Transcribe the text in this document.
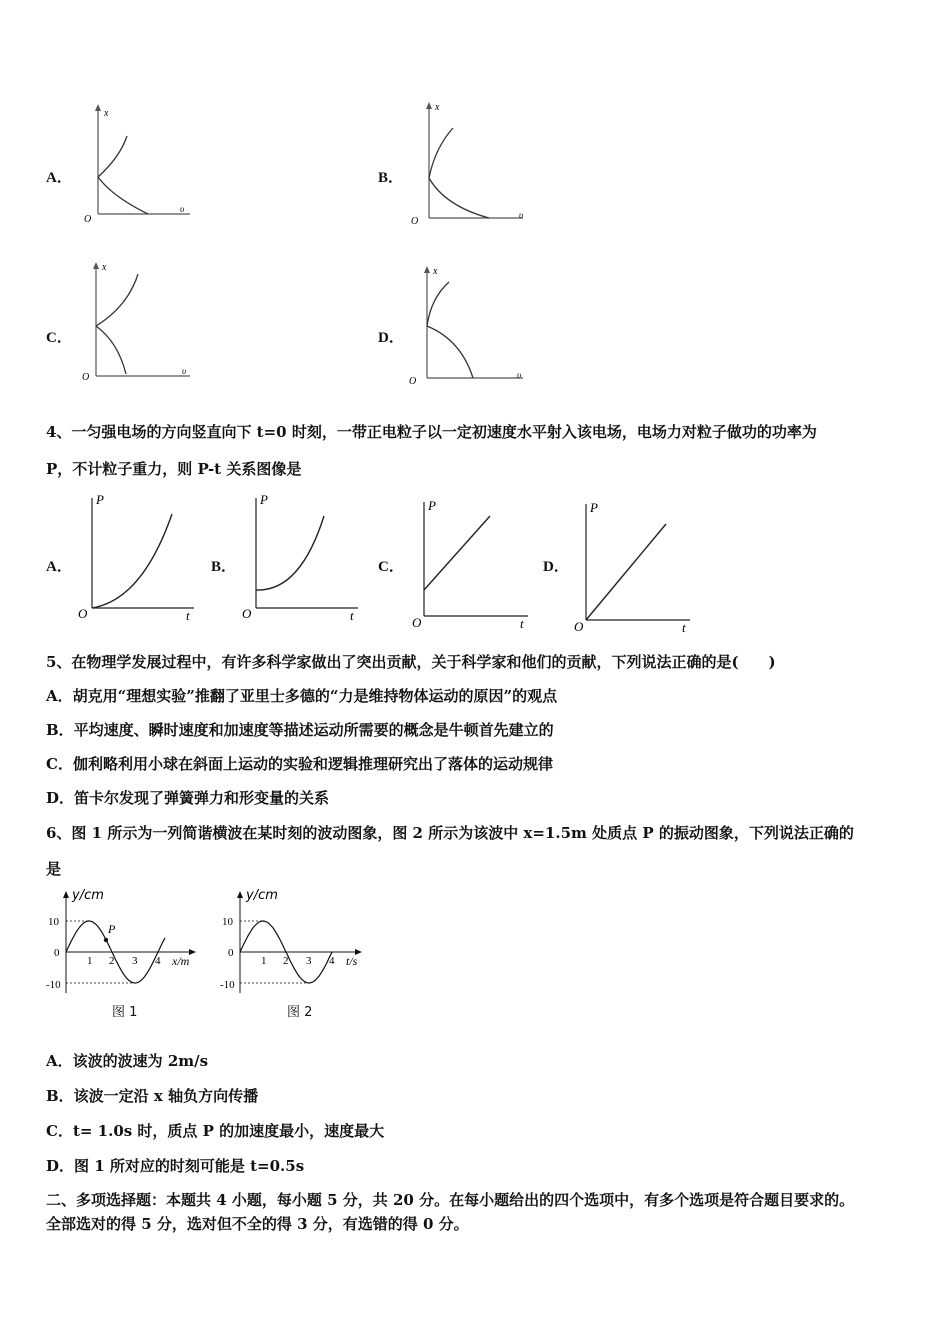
A．
x
υ
O
B．
x
υ
O
C．
x
υ
O
D．
x
υ
O
4、一匀强电场的方向竖直向下 t=0 时刻，一带正电粒子以一定初速度水平射入该电场，电场力对粒子做功的功率为
P，不计粒子重力，则 P-t 关系图像是
A．
P
t
O
B．
P
t
O
C．
P
t
O
D．
P
t
O
5、在物理学发展过程中，有许多科学家做出了突出贡献，关于科学家和他们的贡献，下列说法正确的是(　　)
A．胡克用“理想实验”推翻了亚里士多德的“力是维持物体运动的原因”的观点
B．平均速度、瞬时速度和加速度等描述运动所需要的概念是牛顿首先建立的
C．伽利略利用小球在斜面上运动的实验和逻辑推理研究出了落体的运动规律
D．笛卡尔发现了弹簧弹力和形变量的关系
6、图 1 所示为一列简谐横波在某时刻的波动图象，图 2 所示为该波中 x=1.5m 处质点 P 的振动图象，下列说法正确的
是
y/cm
x/m
10
0
-10
1 2 3 4
P
图 1
y/cm
t/s
10
0
-10
1 2 3 4
图 2
A．该波的波速为 2m/s
B．该波一定沿 x 轴负方向传播
C．t= 1.0s 时，质点 P 的加速度最小，速度最大
D．图 1 所对应的时刻可能是 t=0.5s
二、多项选择题：本题共 4 小题，每小题 5 分，共 20 分。在每小题给出的四个选项中，有多个选项是符合题目要求的。
全部选对的得 5 分，选对但不全的得 3 分，有选错的得 0 分。
